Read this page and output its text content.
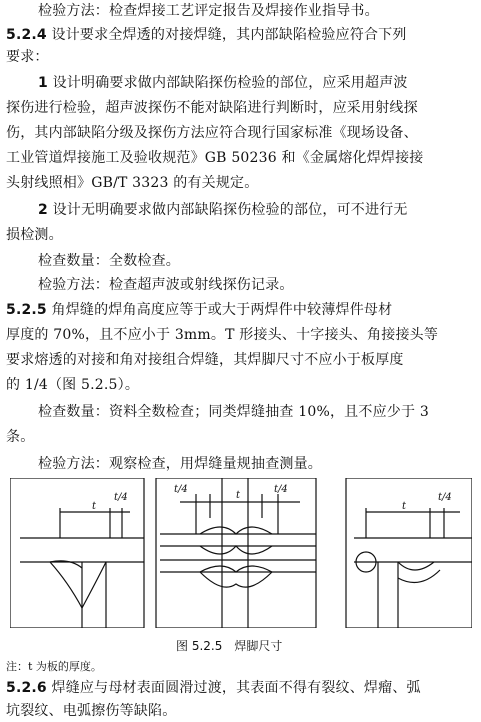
检验方法：检查焊接工艺评定报告及焊接作业指导书。
5.2.4 设计要求全焊透的对接焊缝，其内部缺陷检验应符合下列
要求：
1 设计明确要求做内部缺陷探伤检验的部位，应采用超声波
探伤进行检验，超声波探伤不能对缺陷进行判断时，应采用射线探
伤，其内部缺陷分级及探伤方法应符合现行国家标准《现场设备、
工业管道焊接施工及验收规范》GB 50236 和《金属熔化焊焊接接
头射线照相》GB/T 3323 的有关规定。
2 设计无明确要求做内部缺陷探伤检验的部位，可不进行无
损检测。
检查数量：全数检查。
检验方法：检查超声波或射线探伤记录。
5.2.5 角焊缝的焊角高度应等于或大于两焊件中较薄焊件母材
厚度的 70%，且不应小于 3mm。T 形接头、十字接头、角接接头等
要求熔透的对接和角对接组合焊缝，其焊脚尺寸不应小于板厚度
的 1/4（图 5.2.5）。
检查数量：资料全数检查；同类焊缝抽查 10%，且不应少于 3
条。
检验方法：观察检查，用焊缝量规抽查测量。
t
t/4
t/4
t
t/4
t
t/4
图 5.2.5　焊脚尺寸
注：t 为板的厚度。
5.2.6 焊缝应与母材表面圆滑过渡，其表面不得有裂纹、焊瘤、弧
坑裂纹、电弧擦伤等缺陷。
